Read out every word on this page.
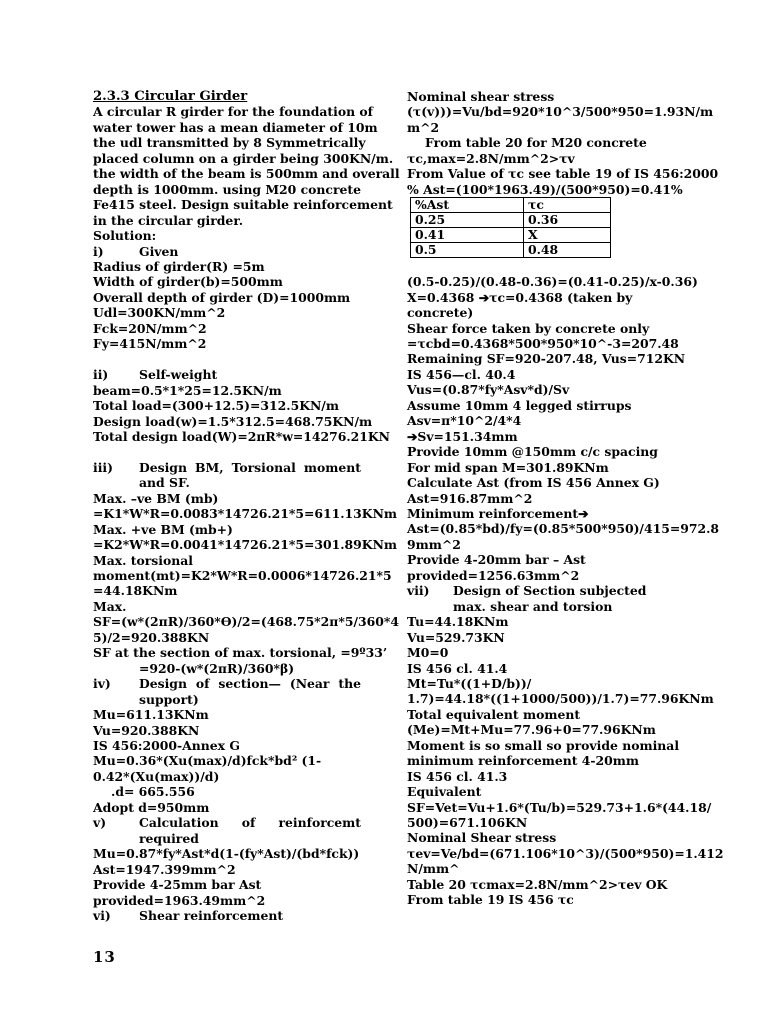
2.3.3 Circular Girder
A circular R girder for the foundation of
water tower has a mean diameter of 10m
the udl transmitted by 8 Symmetrically
placed column on a girder being 300KN/m.
the width of the beam is 500mm and overall
depth is 1000mm. using M20 concrete
Fe415 steel. Design suitable reinforcement
in the circular girder.
Solution:
i)	Given
Radius of girder(R) =5m
Width of girder(b)=500mm
Overall depth of girder (D)=1000mm
Udl=300KN/mm^2
Fck=20N/mm^2
Fy=415N/mm^2
ii)	Self-weight
beam=0.5*1*25=12.5KN/m
Total load=(300+12.5)=312.5KN/m
Design load(w)=1.5*312.5=468.75KN/m
Total design load(W)=2πR*w=14276.21KN
iii)	Design BM, Torsional moment and SF.
Max. –ve BM (mb)
=K1*W*R=0.0083*14726.21*5=611.13KNm
Max. +ve BM (mb+)
=K2*W*R=0.0041*14726.21*5=301.89KNm
Max. torsional
moment(mt)=K2*W*R=0.0006*14726.21*5
=44.18KNm
Max.
SF=(w*(2πR)/360*ϴ)/2=(468.75*2π*5/360*4
5)/2=920.388KN
SF at the section of max. torsional, =9º33’
=920-(w*(2πR)/360*β)
iv)	Design of section— (Near the support)
Mu=611.13KNm
Vu=920.388KN
IS 456:2000-Annex G
Mu=0.36*(Xu(max)/d)fck*bd² (1-
0.42*(Xu(max))/d)
.d= 665.556
Adopt d=950mm
v)	Calculation of reinforcemt required
Mu=0.87*fy*Ast*d(1-(fy*Ast)/(bd*fck))
Ast=1947.399mm^2
Provide 4-25mm bar Ast
provided=1963.49mm^2
vi)	Shear reinforcement
Nominal shear stress
(τ(v)))=Vu/bd=920*10^3/500*950=1.93N/m
m^2
From table 20 for M20 concrete
τc,max=2.8N/mm^2>τv
From Value of τc see table 19 of IS 456:2000
% Ast=(100*1963.49)/(500*950)=0.41%
%Ast	τc
0.25	0.36
0.41	X
0.5	0.48
(0.5-0.25)/(0.48-0.36)=(0.41-0.25)/x-0.36)
X=0.4368 ➔τc=0.4368 (taken by
concrete)
Shear force taken by concrete only
=τcbd=0.4368*500*950*10^-3=207.48
Remaining SF=920-207.48, Vus=712KN
IS 456—cl. 40.4
Vus=(0.87*fy*Asv*d)/Sv
Assume 10mm 4 legged stirrups
Asv=π*10^2/4*4
➔Sv=151.34mm
Provide 10mm @150mm c/c spacing
For mid span M=301.89KNm
Calculate Ast (from IS 456 Annex G)
Ast=916.87mm^2
Minimum reinforcement➔
Ast=(0.85*bd)/fy=(0.85*500*950)/415=972.8
9mm^2
Provide 4-20mm bar – Ast
provided=1256.63mm^2
vii)	Design of Section subjected max. shear and torsion
Tu=44.18KNm
Vu=529.73KN
M0=0
IS 456 cl. 41.4
Mt=Tu*((1+D/b))/
1.7)=44.18*((1+1000/500))/1.7)=77.96KNm
Total equivalent moment
(Me)=Mt+Mu=77.96+0=77.96KNm
Moment is so small so provide nominal
minimum reinforcement 4-20mm
IS 456 cl. 41.3
Equivalent
SF=Vet=Vu+1.6*(Tu/b)=529.73+1.6*(44.18/
500)=671.106KN
Nominal Shear stress
τev=Ve/bd=(671.106*10^3)/(500*950)=1.412
N/mm^
Table 20 τcmax=2.8N/mm^2>τev OK
From table 19 IS 456 τc
13
